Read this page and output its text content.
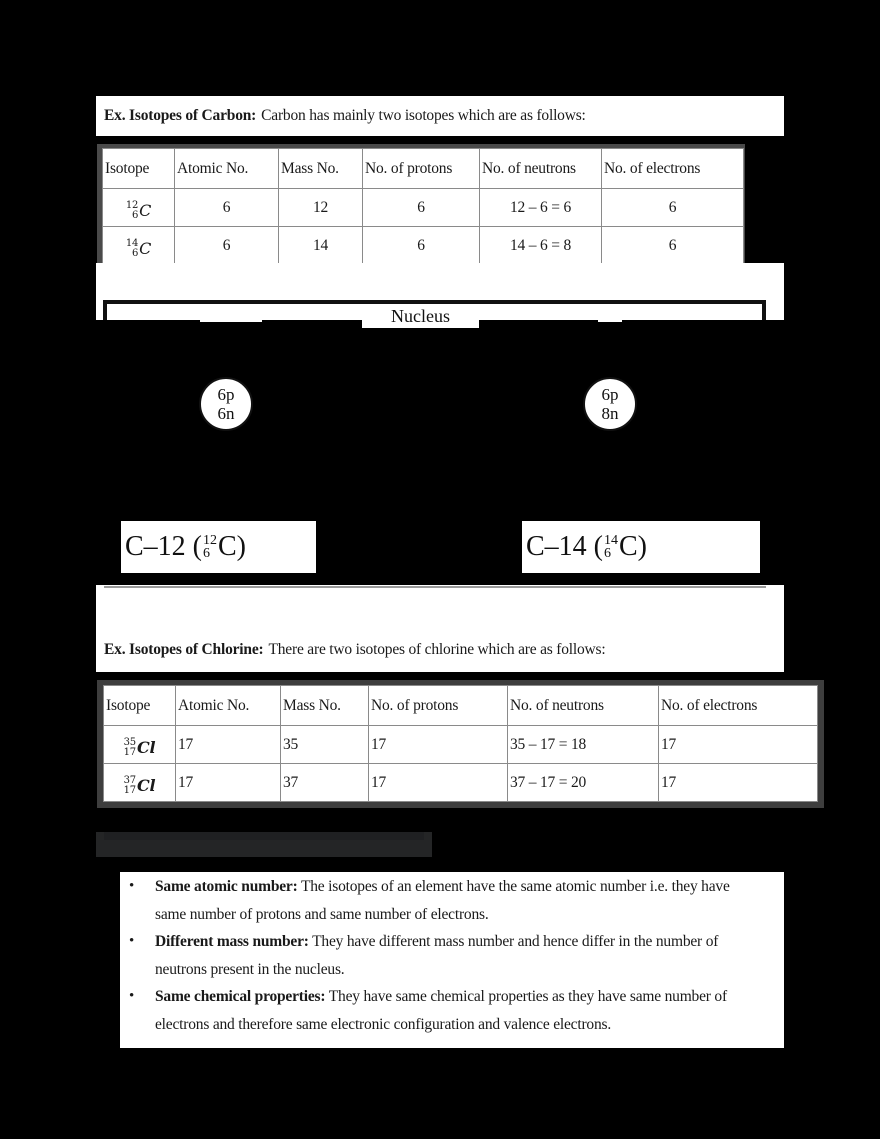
Ex. Isotopes of Carbon: Carbon has mainly two isotopes which are as follows:
Isotope	Atomic No.	Mass No.	No. of protons	No. of neutrons	No. of electrons

12
6 C	6	12	6	12 – 6 = 6	6

14
6 C	6	14	6	14 – 6 = 8	6
Nucleus
6p
6n
6p
8n
C–12 ( 12
6 C)	C–14 ( 14
6 C)
Ex. Isotopes of Chlorine: There are two isotopes of chlorine which are as follows:
Isotope	Atomic No.	Mass No.	No. of protons	No. of neutrons	No. of electrons

35
17 Cl	17	35	17	35 – 17 = 18	17

37
17 Cl	17	37	17	37 – 17 = 20	17
• Same atomic number: The isotopes of an element have the same atomic number i.e. they have same number of protons and same number of electrons.
• Different mass number: They have different mass number and hence differ in the number of neutrons present in the nucleus.
• Same chemical properties: They have same chemical properties as they have same number of electrons and therefore same electronic configuration and valence electrons.
